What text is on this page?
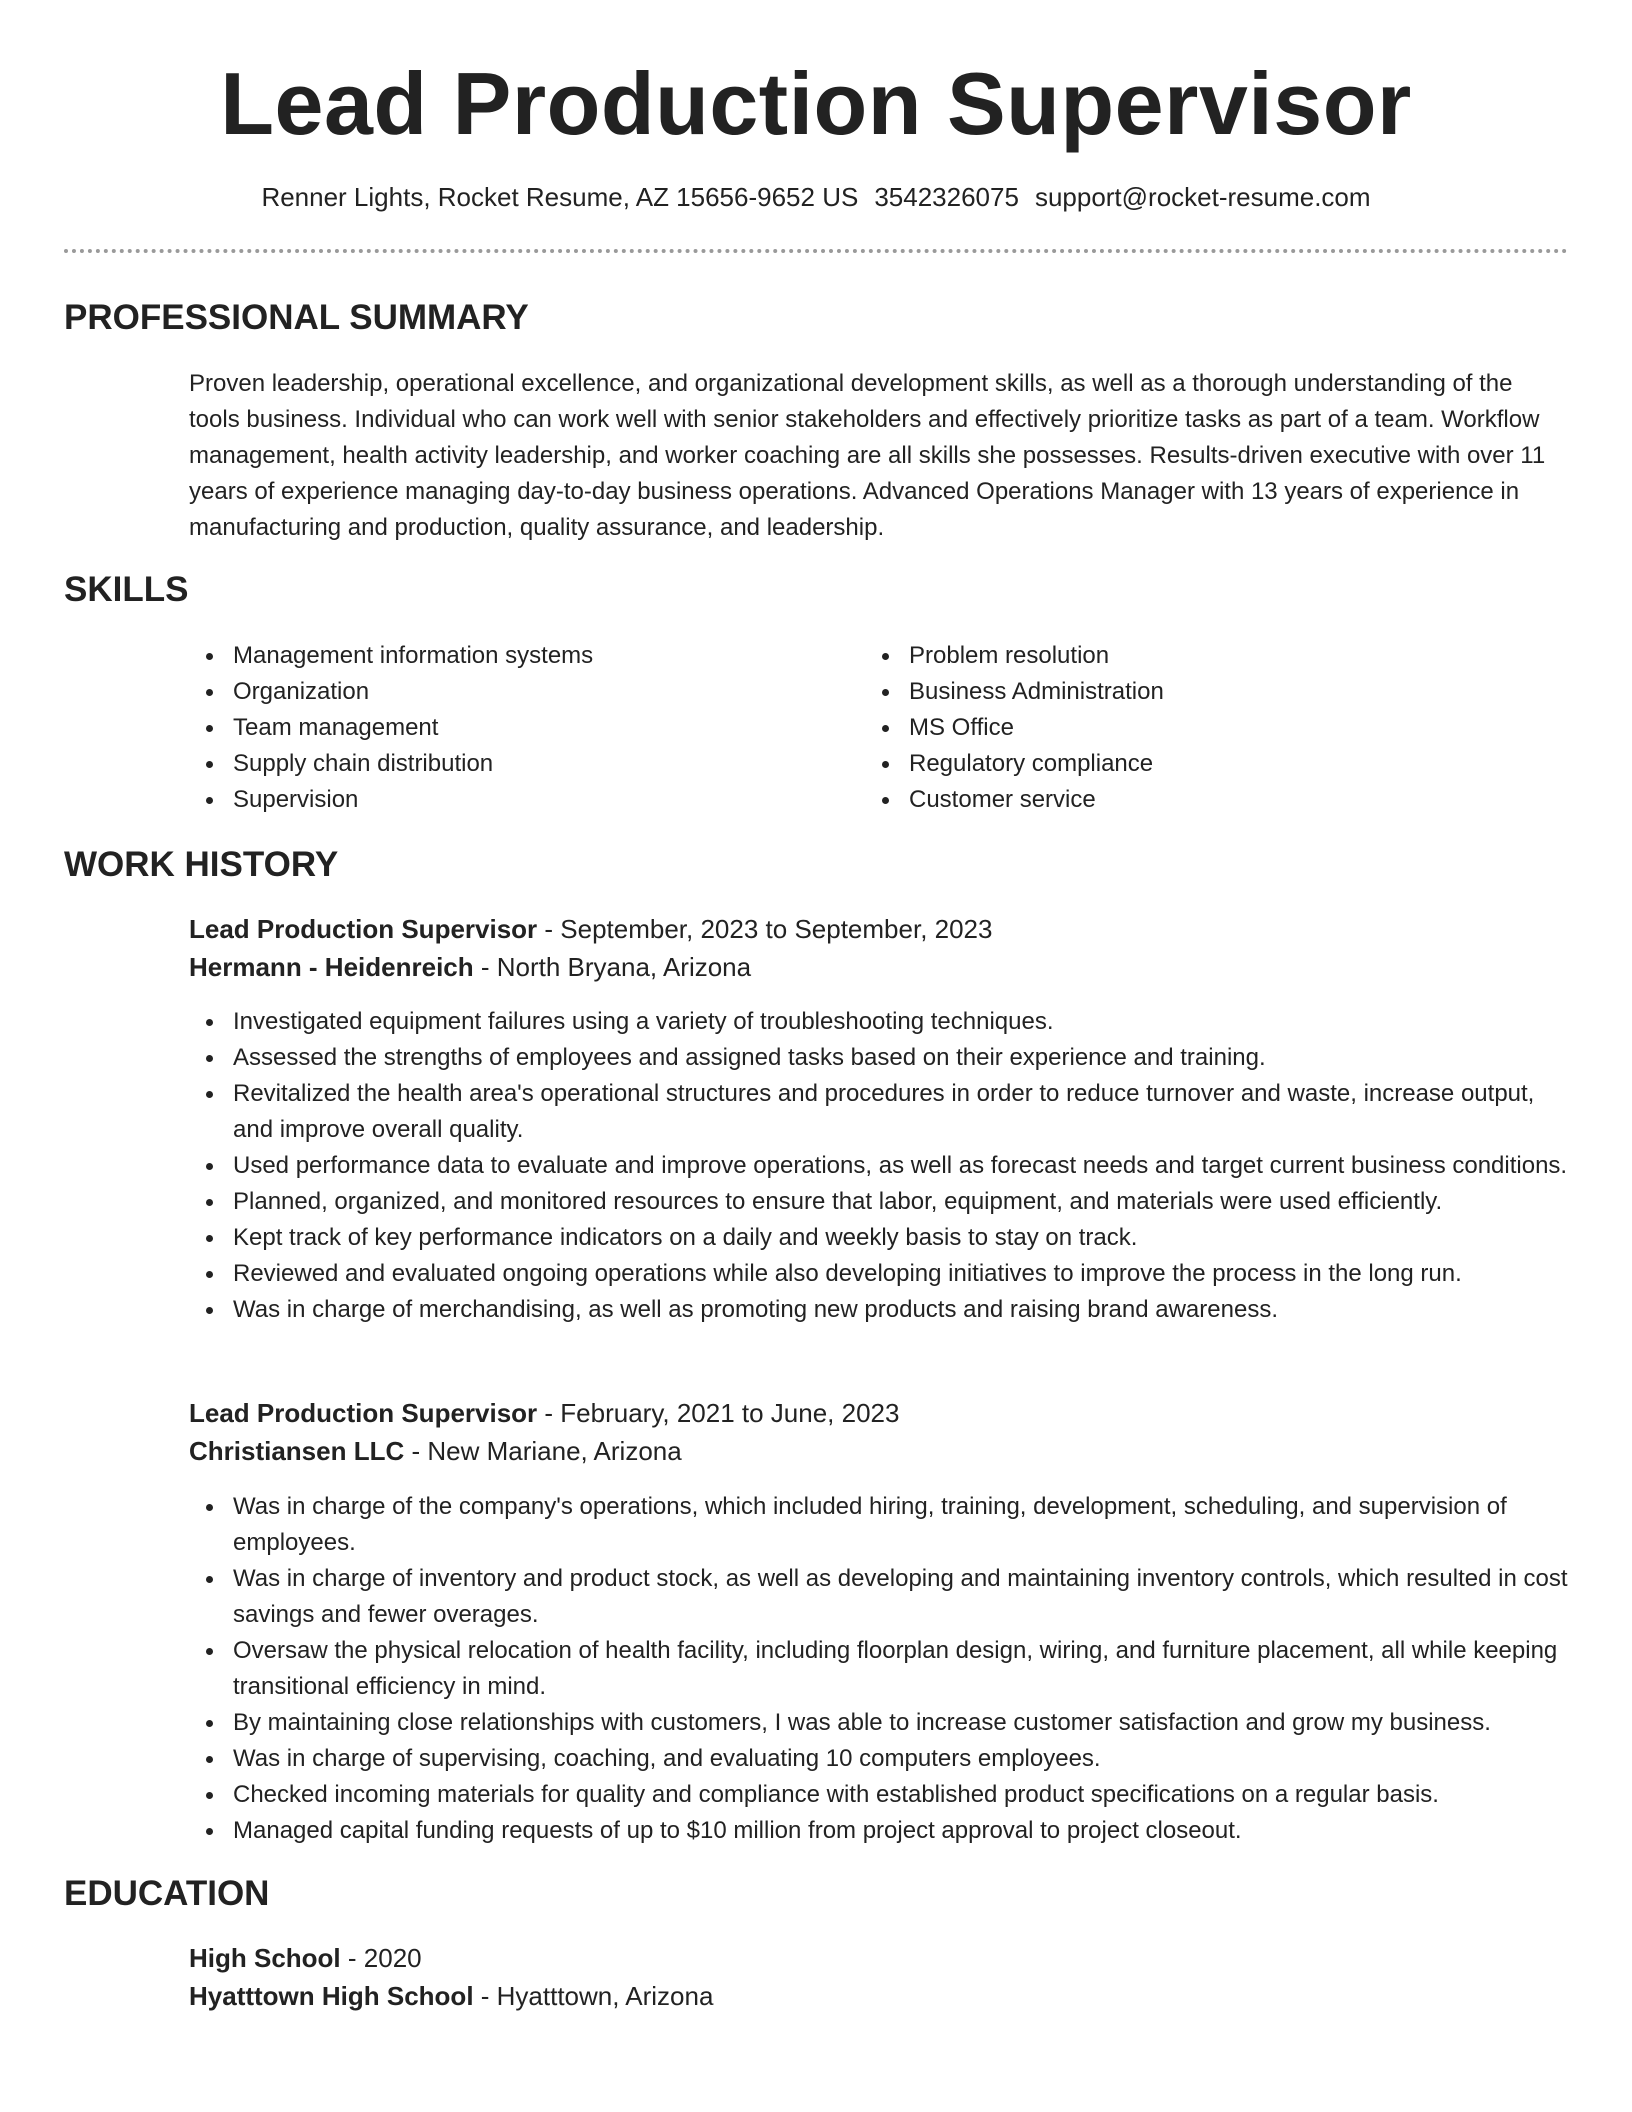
Lead Production Supervisor
Renner Lights, Rocket Resume, AZ 15656-9652 US 3542326075 support@rocket-resume.com
PROFESSIONAL SUMMARY

Proven leadership, operational excellence, and organizational development skills, as well as a thorough understanding of the tools business. Individual who can work well with senior stakeholders and effectively prioritize tasks as part of a team. Workflow management, health activity leadership, and worker coaching are all skills she possesses. Results-driven executive with over 11 years of experience managing day-to-day business operations. Advanced Operations Manager with 13 years of experience in manufacturing and production, quality assurance, and leadership.

SKILLS
Management information systems
Organization
Team management
Supply chain distribution
Supervision
Problem resolution
Business Administration
MS Office
Regulatory compliance
Customer service
WORK HISTORY
Lead Production Supervisor - September, 2023 to September, 2023
Hermann - Heidenreich - North Bryana, Arizona
Investigated equipment failures using a variety of troubleshooting techniques.
Assessed the strengths of employees and assigned tasks based on their experience and training.
Revitalized the health area's operational structures and procedures in order to reduce turnover and waste, increase output, and improve overall quality.
Used performance data to evaluate and improve operations, as well as forecast needs and target current business conditions.
Planned, organized, and monitored resources to ensure that labor, equipment, and materials were used efficiently.
Kept track of key performance indicators on a daily and weekly basis to stay on track.
Reviewed and evaluated ongoing operations while also developing initiatives to improve the process in the long run.
Was in charge of merchandising, as well as promoting new products and raising brand awareness.
Lead Production Supervisor - February, 2021 to June, 2023
Christiansen LLC - New Mariane, Arizona
Was in charge of the company's operations, which included hiring, training, development, scheduling, and supervision of employees.
Was in charge of inventory and product stock, as well as developing and maintaining inventory controls, which resulted in cost savings and fewer overages.
Oversaw the physical relocation of health facility, including floorplan design, wiring, and furniture placement, all while keeping transitional efficiency in mind.
By maintaining close relationships with customers, I was able to increase customer satisfaction and grow my business.
Was in charge of supervising, coaching, and evaluating 10 computers employees.
Checked incoming materials for quality and compliance with established product specifications on a regular basis.
Managed capital funding requests of up to $10 million from project approval to project closeout.
EDUCATION
High School - 2020
Hyatttown High School - Hyatttown, Arizona
